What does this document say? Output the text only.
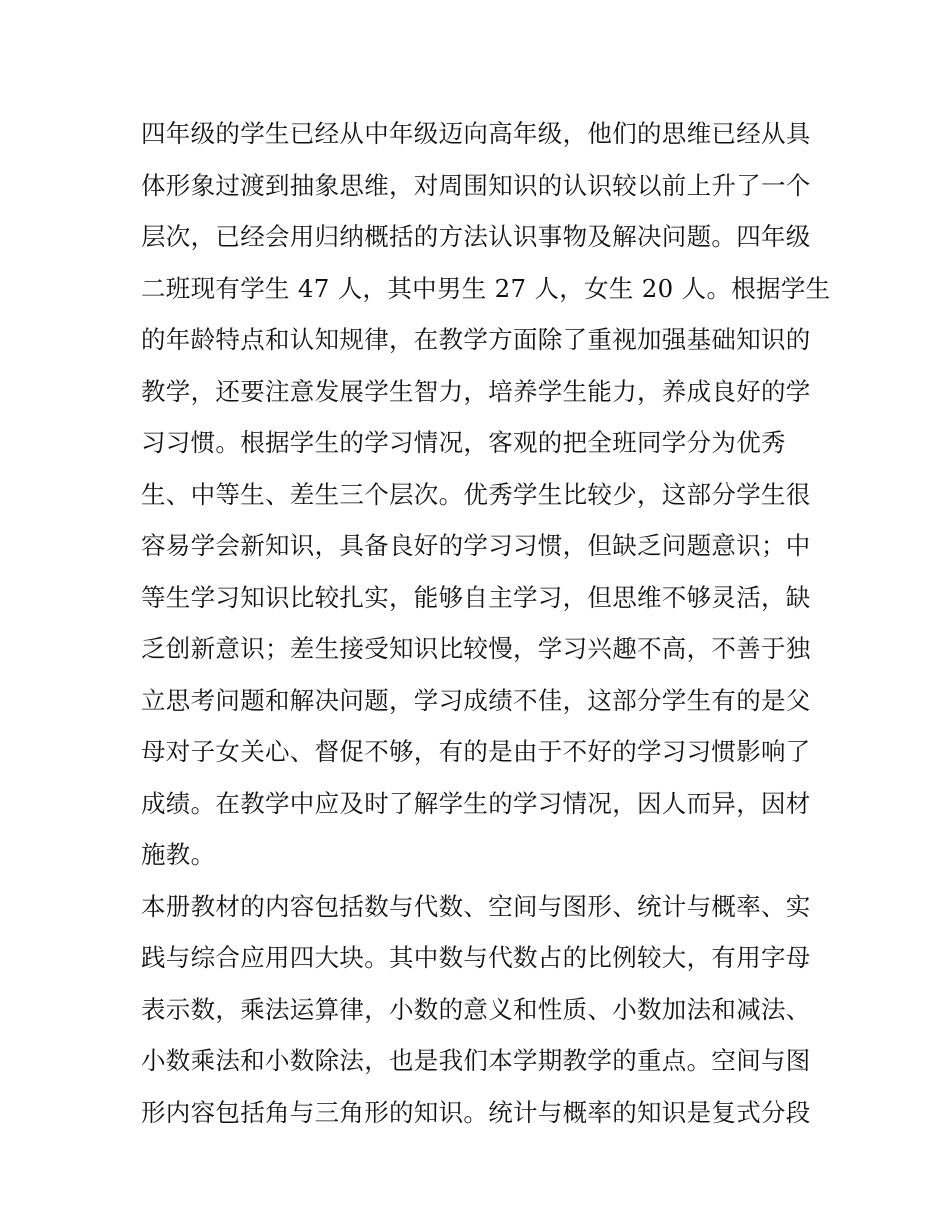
四年级的学生已经从中年级迈向高年级，他们的思维已经从具
体形象过渡到抽象思维，对周围知识的认识较以前上升了一个
层次，已经会用归纳概括的方法认识事物及解决问题。四年级
二班现有学生 47 人，其中男生 27 人，女生 20 人。根据学生
的年龄特点和认知规律，在教学方面除了重视加强基础知识的
教学，还要注意发展学生智力，培养学生能力，养成良好的学
习习惯。根据学生的学习情况，客观的把全班同学分为优秀
生、中等生、差生三个层次。优秀学生比较少，这部分学生很
容易学会新知识，具备良好的学习习惯，但缺乏问题意识；中
等生学习知识比较扎实，能够自主学习，但思维不够灵活，缺
乏创新意识；差生接受知识比较慢，学习兴趣不高，不善于独
立思考问题和解决问题，学习成绩不佳，这部分学生有的是父
母对子女关心、督促不够，有的是由于不好的学习习惯影响了
成绩。在教学中应及时了解学生的学习情况，因人而异，因材
施教。
本册教材的内容包括数与代数、空间与图形、统计与概率、实
践与综合应用四大块。其中数与代数占的比例较大，有用字母
表示数，乘法运算律，小数的意义和性质、小数加法和减法、
小数乘法和小数除法，也是我们本学期教学的重点。空间与图
形内容包括角与三角形的知识。统计与概率的知识是复式分段
